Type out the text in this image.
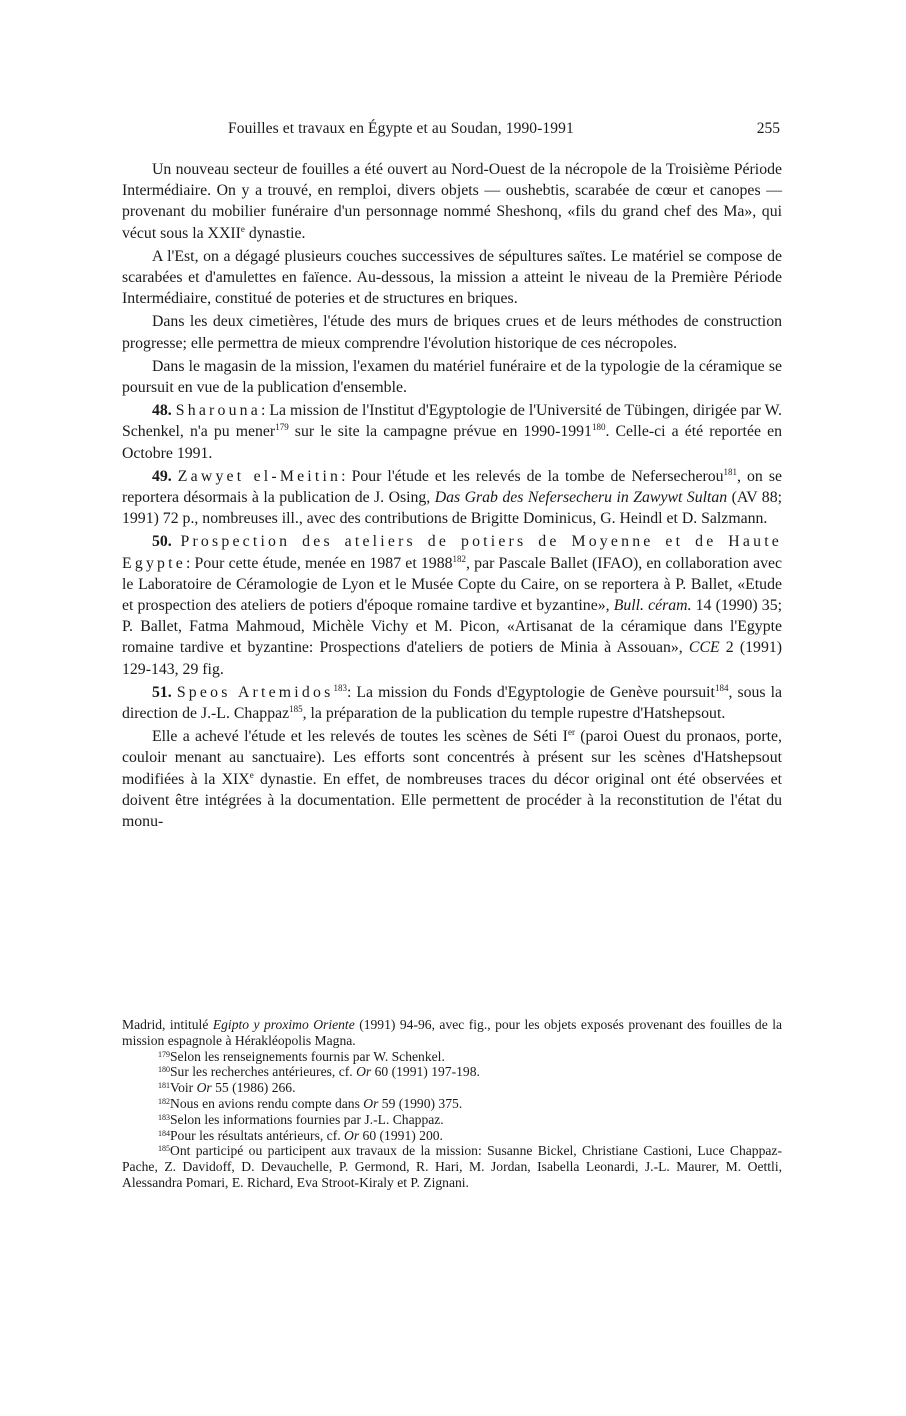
Fouilles et travaux en Égypte et au Soudan, 1990-1991	255

Un nouveau secteur de fouilles a été ouvert au Nord-Ouest de la nécropole de la Troisième Période Intermédiaire. On y a trouvé, en remploi, divers objets — oushebtis, scarabée de cœur et canopes — provenant du mobilier funéraire d'un personnage nommé Sheshonq, «fils du grand chef des Ma», qui vécut sous la XXIIe dynastie.

A l'Est, on a dégagé plusieurs couches successives de sépultures saïtes. Le matériel se compose de scarabées et d'amulettes en faïence. Au-dessous, la mission a atteint le niveau de la Première Période Intermédiaire, constitué de poteries et de structures en briques.

Dans les deux cimetières, l'étude des murs de briques crues et de leurs méthodes de construction progresse; elle permettra de mieux comprendre l'évolution historique de ces nécropoles.

Dans le magasin de la mission, l'examen du matériel funéraire et de la typologie de la céramique se poursuit en vue de la publication d'ensemble.

48. Sharouna: La mission de l'Institut d'Egyptologie de l'Université de Tübingen, dirigée par W. Schenkel, n'a pu mener$^{179}$ sur le site la campagne prévue en 1990-1991$^{180}$. Celle-ci a été reportée en Octobre 1991.

49. Zawyet el-Meitin: Pour l'étude et les relevés de la tombe de Nefersecherou$^{181}$, on se reportera désormais à la publication de J. Osing, Das Grab des Nefersecheru in Zawywt Sultan (AV 88; 1991) 72 p., nombreuses ill., avec des contributions de Brigitte Dominicus, G. Heindl et D. Salzmann.

50. Prospection des ateliers de potiers de Moyenne et de Haute Egypte: Pour cette étude, menée en 1987 et 1988$^{182}$, par Pascale Ballet (IFAO), en collaboration avec le Laboratoire de Céramologie de Lyon et le Musée Copte du Caire, on se reportera à P. Ballet, «Etude et prospection des ateliers de potiers d'époque romaine tardive et byzantine», Bull. céram. 14 (1990) 35; P. Ballet, Fatma Mahmoud, Michèle Vichy et M. Picon, «Artisanat de la céramique dans l'Egypte romaine tardive et byzantine: Prospections d'ateliers de potiers de Minia à Assouan», CCE 2 (1991) 129-143, 29 fig.

51. Speos Artemidos$^{183}$: La mission du Fonds d'Egyptologie de Genève poursuit$^{184}$, sous la direction de J.-L. Chappaz$^{185}$, la préparation de la publication du temple rupestre d'Hatshepsout.

Elle a achevé l'étude et les relevés de toutes les scènes de Séti Ier (paroi Ouest du pronaos, porte, couloir menant au sanctuaire). Les efforts sont concentrés à présent sur les scènes d'Hatshepsout modifiées à la XIXe dynastie. En effet, de nombreuses traces du décor original ont été observées et doivent être intégrées à la documentation. Elle permettent de procéder à la reconstitution de l'état du monu-

Madrid, intitulé Egipto y proximo Oriente (1991) 94-96, avec fig., pour les objets exposés provenant des fouilles de la mission espagnole à Hérakléopolis Magna.

$^{179}$Selon les renseignements fournis par W. Schenkel.

$^{180}$Sur les recherches antérieures, cf. Or 60 (1991) 197-198.

$^{181}$Voir Or 55 (1986) 266.

$^{182}$Nous en avions rendu compte dans Or 59 (1990) 375.

$^{183}$Selon les informations fournies par J.-L. Chappaz.

$^{184}$Pour les résultats antérieurs, cf. Or 60 (1991) 200.

$^{185}$Ont participé ou participent aux travaux de la mission: Susanne Bickel, Christiane Castioni, Luce Chappaz-Pache, Z. Davidoff, D. Devauchelle, P. Germond, R. Hari, M. Jordan, Isabella Leonardi, J.-L. Maurer, M. Oettli, Alessandra Pomari, E. Richard, Eva Stroot-Kiraly et P. Zignani.
